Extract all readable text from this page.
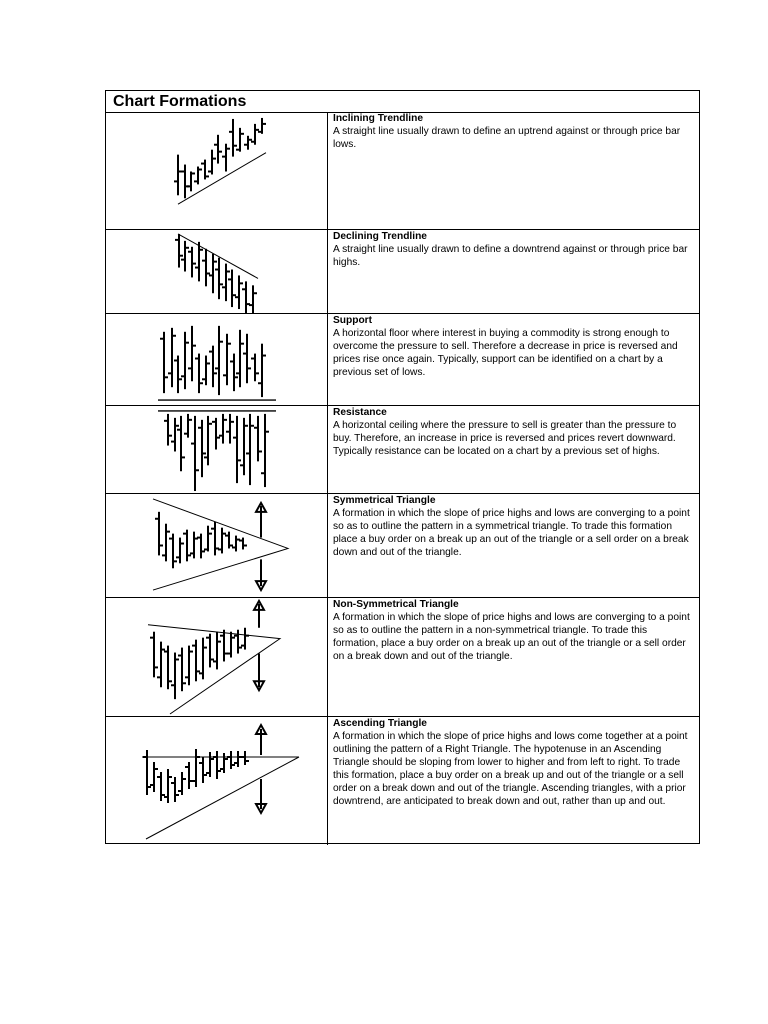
Chart Formations
Inclining Trendline
A straight line usually drawn to define an uptrend against or through price bar lows.
Declining Trendline
A straight line usually drawn to define a downtrend against or through price bar highs.
Support
A horizontal floor where interest in buying a commodity is strong enough to overcome the pressure to sell. Therefore a decrease in price is reversed and prices rise once again. Typically, support can be identified on a chart by a previous set of lows.
Resistance
A horizontal ceiling where the pressure to sell is greater than the pressure to buy. Therefore, an increase in price is reversed and prices revert downward. Typically resistance can be located on a chart by a previous set of highs.
Symmetrical Triangle
A formation in which the slope of price highs and lows are converging to a point so as to outline the pattern in a symmetrical triangle. To trade this formation place a buy order on a break up an out of the triangle or a sell order on a break down and out of the triangle.
Non-Symmetrical Triangle
A formation in which the slope of price highs and lows are converging to a point so as to outline the pattern in a non-symmetrical triangle. To trade this formation, place a buy order on a break up an out of the triangle or a sell order on a break down and out of the triangle.
Ascending Triangle
A formation in which the slope of price highs and lows come together at a point outlining the pattern of a Right Triangle. The hypotenuse in an Ascending Triangle should be sloping from lower to higher and from left to right. To trade this formation, place a buy order on a break up and out of the triangle or a sell order on a break down and out of the triangle. Ascending triangles, with a prior downtrend, are anticipated to break down and out, rather than up and out.
